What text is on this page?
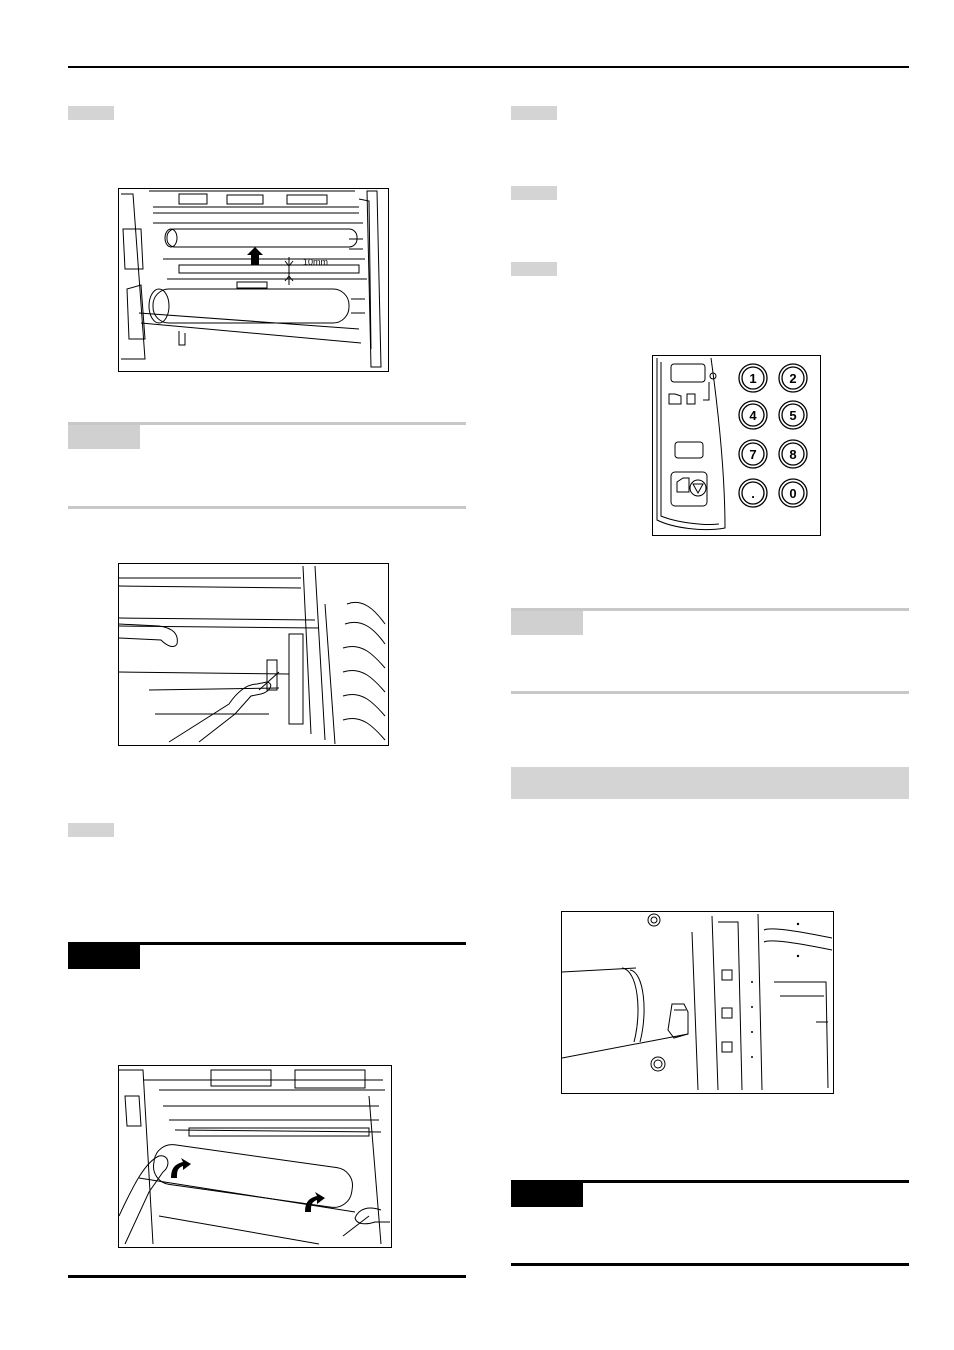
10mm
1	2
4	5
7	8
.	0
